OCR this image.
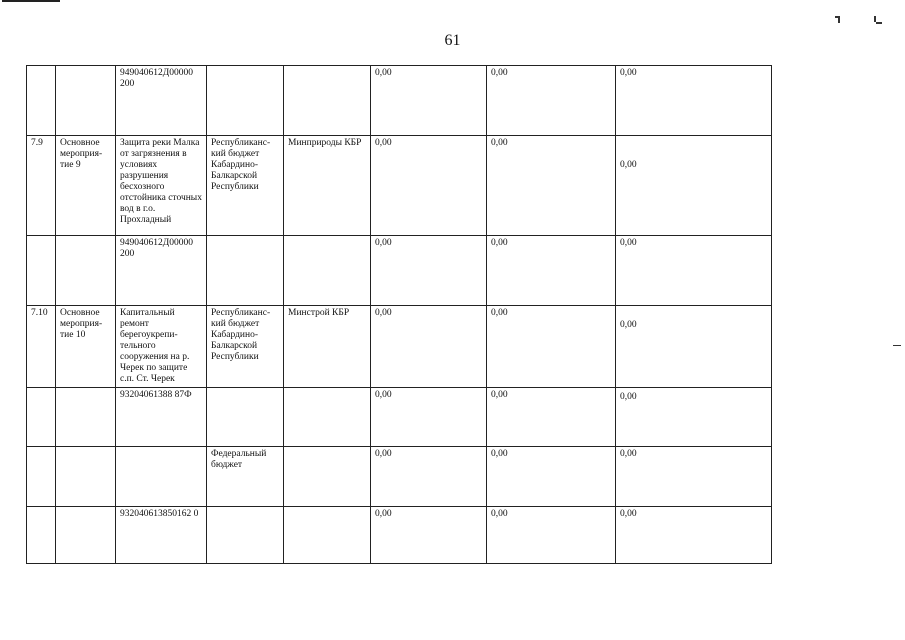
61
		949040612Д00000 200			0,00	0,00	0,00
7.9	Основное мероприя-тие 9	Защита реки Малка от загрязнения в условиях разрушения бесхозного отстойника сточных вод в г.о. Прохладный	Республиканс-кий бюджет Кабардино-Балкарской Республики	Минприроды КБР	0,00	0,00	0,00
		949040612Д00000 200			0,00	0,00	0,00
7.10	Основное мероприя-тие 10	Капитальный ремонт берегоукрепи-тельного сооружения на р. Черек по защите с.п. Ст. Черек	Республиканс-кий бюджет Кабардино-Балкарской Республики	Минстрой КБР	0,00	0,00	0,00
		93204061388 87Ф			0,00	0,00	0,00
			Федеральный бюджет		0,00	0,00	0,00
		932040613850162 0			0,00	0,00	0,00
